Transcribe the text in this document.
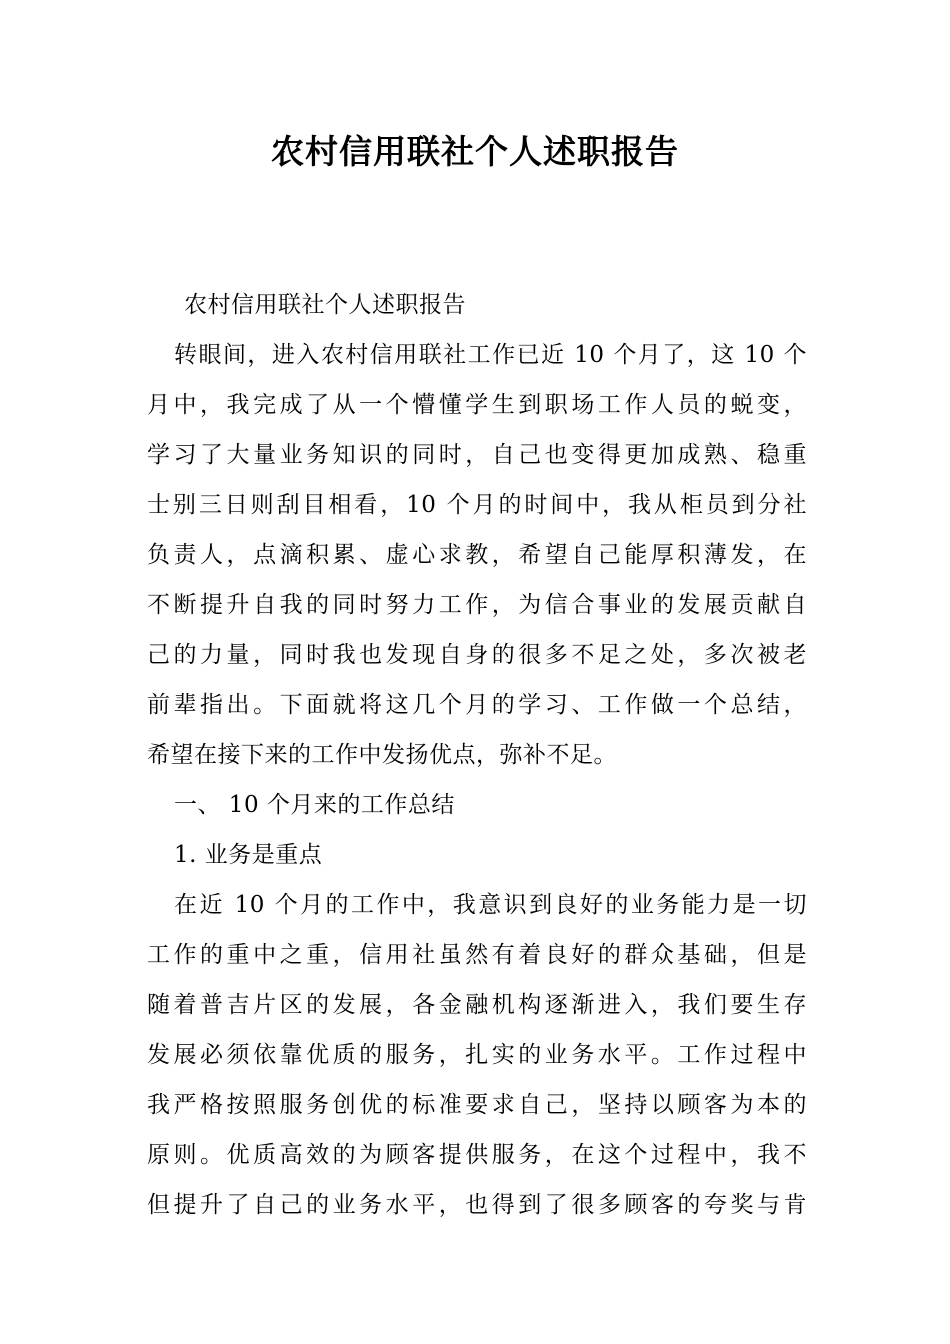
农村信用联社个人述职报告
农村信用联社个人述职报告
转眼间，进入农村信用联社工作已近 10 个月了，这 10 个
月中，我完成了从一个懵懂学生到职场工作人员的蜕变，
学习了大量业务知识的同时，自己也变得更加成熟、稳重
士别三日则刮目相看，10 个月的时间中，我从柜员到分社
负责人，点滴积累、虚心求教，希望自己能厚积薄发，在
不断提升自我的同时努力工作，为信合事业的发展贡献自
己的力量，同时我也发现自身的很多不足之处，多次被老
前辈指出。下面就将这几个月的学习、工作做一个总结，
希望在接下来的工作中发扬优点，弥补不足。
一、 10 个月来的工作总结
1. 业务是重点
在近 10 个月的工作中，我意识到良好的业务能力是一切
工作的重中之重，信用社虽然有着良好的群众基础，但是
随着普吉片区的发展，各金融机构逐渐进入，我们要生存
发展必须依靠优质的服务，扎实的业务水平。工作过程中
我严格按照服务创优的标准要求自己，坚持以顾客为本的
原则。优质高效的为顾客提供服务，在这个过程中，我不
但提升了自己的业务水平，也得到了很多顾客的夸奖与肯
